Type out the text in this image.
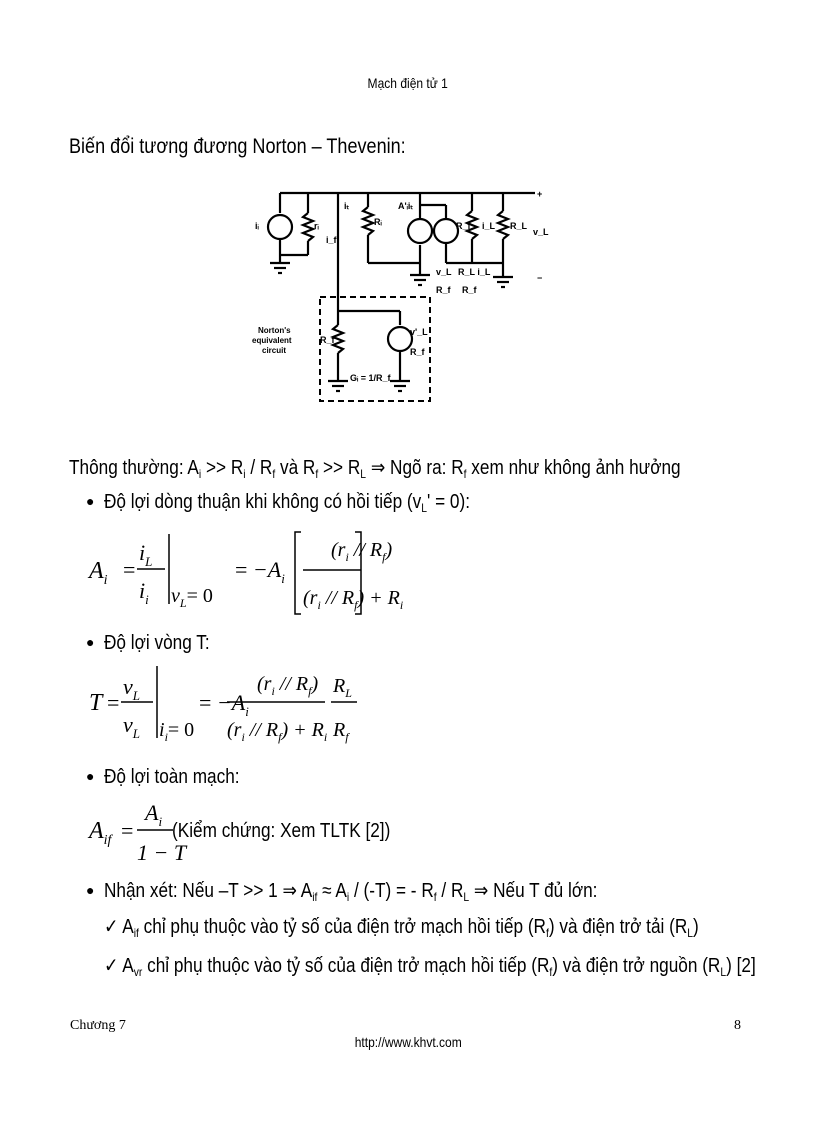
Mạch điện tử 1
Biến đổi tương đương Norton – Thevenin:
iᵢ	rᵢ
iₜ
i_f
Rᵢ
A'ᵢiₜ
R_f i_L R_L
v_L
+
−
v_L
R_f
R_L i_L
R_f
Norton's
equivalent
circuit
R_f
v'_L
R_f
Gᵢ = 1/R_f
Thông thường: $A_i >> R_i / R_f$ và $R_f >> R_L$ ⇒ Ngõ ra: $R_f$ xem như không ảnh hưởng
● Độ lợi dòng thuận khi không có hồi tiếp $(v_L' = 0)$:
$A_i$ =
$i_L$
$i_i$ $v_L= 0$
= $-A_i$
$(r_i // R_f)$
$(r_i // R_f) + R_i$
● Độ lợi vòng T:
T =
$v_L$
$v_L$ $i_i= 0$
= $-A_i$
$(r_i // R_f)$
$(r_i // R_f) + R_i$
$R_L$
$R_f$
● Độ lợi toàn mạch:
$A_{if}$ =
$A_i$
1 − T
(Kiểm chứng: Xem TLTK [2])
● Nhận xét: Nếu –T >> 1 ⇒ $A_{if} \approx A_i / (-T)$ = - $R_f / R_L$ ⇒ Nếu T đủ lớn:
✓ $A_{if}$ chỉ phụ thuộc vào tỷ số của điện trở mạch hồi tiếp $(R_f)$ và điện trở tải $(R_L)$
✓ $A_{vr}$ chỉ phụ thuộc vào tỷ số của điện trở mạch hồi tiếp $(R_f)$ và điện trở nguồn $(R_L)$ [2]
Chương 7	8
http://www.khvt.com
